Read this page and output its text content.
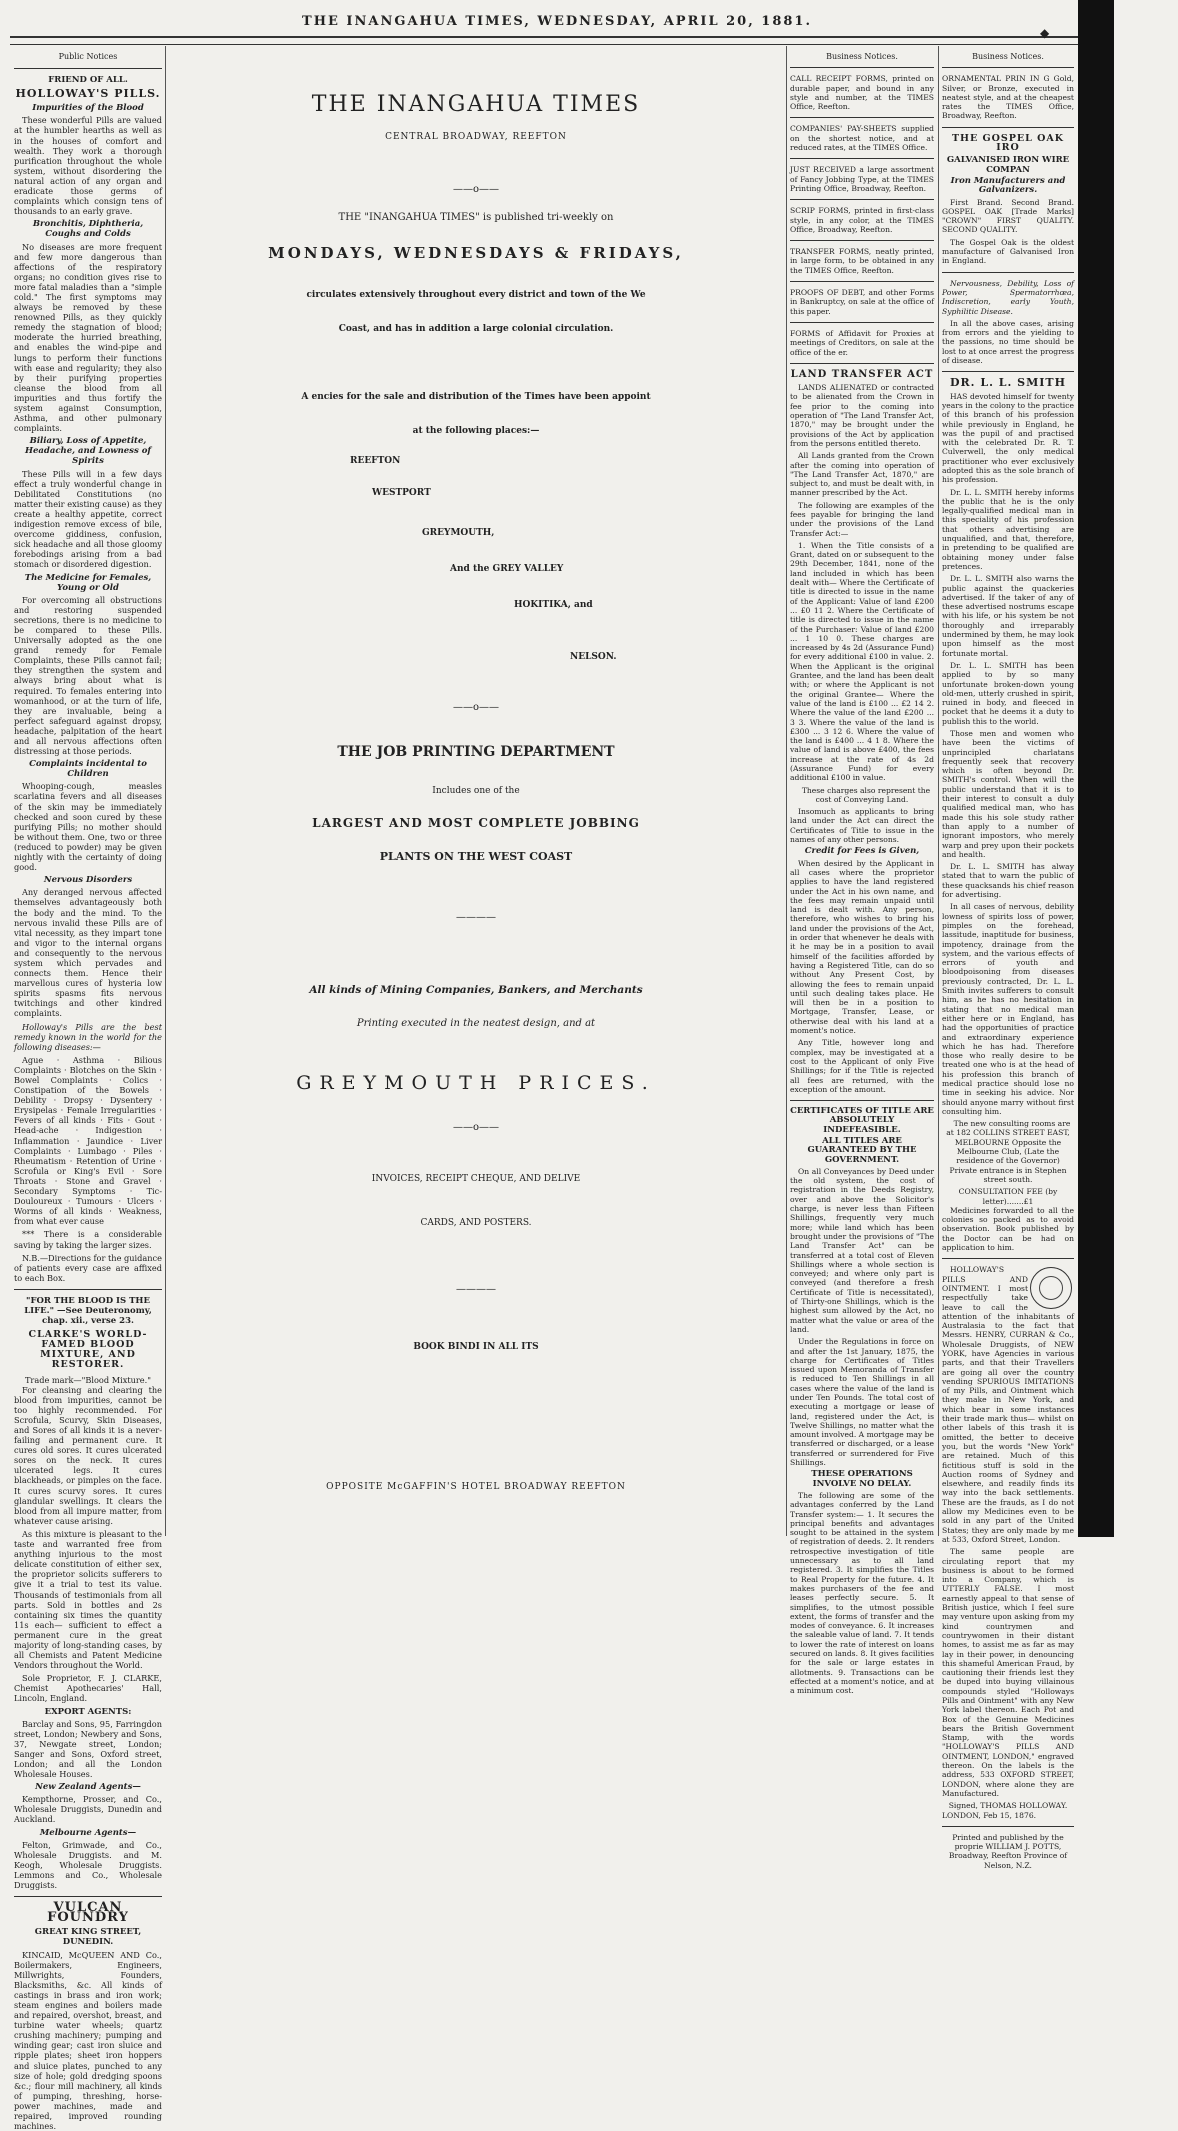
THE INANGAHUA TIMES, WEDNESDAY, APRIL 20, 1881.
◆
Public Notices
FRIEND OF ALL.
HOLLOWAY'S PILLS.
Impurities of the Blood

These wonderful Pills are valued at the humbler hearths as well as in the houses of comfort and wealth. They work a thorough purification throughout the whole system, without disordering the natural action of any organ and eradicate those germs of complaints which consign tens of thousands to an early grave.

Bronchitis, Diphtheria, Coughs and Colds

No diseases are more frequent and few more dangerous than affections of the respiratory organs; no condition gives rise to more fatal maladies than a "simple cold." The first symptoms may always be removed by these renowned Pills, as they quickly remedy the stagnation of blood; moderate the hurried breathing, and enables the wind-pipe and lungs to perform their functions with ease and regularity; they also by their purifying properties cleanse the blood from all impurities and thus fortify the system against Consumption, Asthma, and other pulmonary complaints.

Biliary, Loss of Appetite, Headache, and Lowness of Spirits

These Pills will in a few days effect a truly wonderful change in Debilitated Constitutions (no matter their existing cause) as they create a healthy appetite, correct indigestion remove excess of bile, overcome giddiness, confusion, sick headache and all those gloomy forebodings arising from a bad stomach or disordered digestion.

The Medicine for Females, Young or Old

For overcoming all obstructions and restoring suspended secretions, there is no medicine to be compared to these Pills. Universally adopted as the one grand remedy for Female Complaints, these Pills cannot fail; they strengthen the system and always bring about what is required. To females entering into womanhood, or at the turn of life, they are invaluable, being a perfect safeguard against dropsy, headache, palpitation of the heart and all nervous affections often distressing at those periods.

Complaints incidental to Children

Whooping-cough, measles scarlatina fevers and all diseases of the skin may be immediately checked and soon cured by these purifying Pills; no mother should be without them. One, two or three (reduced to powder) may be given nightly with the certainty of doing good.

Nervous Disorders

Any deranged nervous affected themselves advantageously both the body and the mind. To the nervous invalid these Pills are of vital necessity, as they impart tone and vigor to the internal organs and consequently to the nervous system which pervades and connects them. Hence their marvellous cures of hysteria low spirits spasms fits nervous twitchings and other kindred complaints.

Holloway's Pills are the best remedy known in the world for the following diseases:—

Ague · Asthma · Bilious Complaints · Blotches on the Skin · Bowel Complaints · Colics · Constipation of the Bowels · Debility · Dropsy · Dysentery · Erysipelas · Female Irregularities · Fevers of all kinds · Fits · Gout · Head-ache · Indigestion · Inflammation · Jaundice · Liver Complaints · Lumbago · Piles · Rheumatism · Retention of Urine · Scrofula or King's Evil · Sore Throats · Stone and Gravel · Secondary Symptoms · Tic-Douloureux · Tumours · Ulcers · Worms of all kinds · Weakness, from what ever cause

*** There is a considerable saving by taking the larger sizes.

N.B.—Directions for the guidance of patients every case are affixed to each Box.

"FOR THE BLOOD IS THE LIFE." —See Deuteronomy, chap. xii., verse 23.
CLARKE'S WORLD-FAMED BLOOD MIXTURE, AND RESTORER.
Trade mark—"Blood Mixture."

For cleansing and clearing the blood from impurities, cannot be too highly recommended. For Scrofula, Scurvy, Skin Diseases, and Sores of all kinds it is a never-failing and permanent cure. It cures old sores. It cures ulcerated sores on the neck. It cures ulcerated legs. It cures blackheads, or pimples on the face. It cures scurvy sores. It cures glandular swellings. It clears the blood from all impure matter, from whatever cause arising.

As this mixture is pleasant to the taste and warranted free from anything injurious to the most delicate constitution of either sex, the proprietor solicits sufferers to give it a trial to test its value. Thousands of testimonials from all parts. Sold in bottles and 2s containing six times the quantity 11s each— sufficient to effect a permanent cure in the great majority of long-standing cases, by all Chemists and Patent Medicine Vendors throughout the World.

Sole Proprietor, F. J. CLARKE, Chemist Apothecaries' Hall, Lincoln, England.

EXPORT AGENTS:

Barclay and Sons, 95, Farringdon street, London; Newbery and Sons, 37, Newgate street, London; Sanger and Sons, Oxford street, London; and all the London Wholesale Houses.

New Zealand Agents—

Kempthorne, Prosser, and Co., Wholesale Druggists, Dunedin and Auckland.

Melbourne Agents—

Felton, Grimwade, and Co., Wholesale Druggists. and M. Keogh, Wholesale Druggists. Lemmons and Co., Wholesale Druggists.

VULCAN FOUNDRY
GREAT KING STREET, DUNEDIN.

KINCAID, McQUEEN AND Co., Boilermakers, Engineers, Millwrights, Founders, Blacksmiths, &c. All kinds of castings in brass and iron work; steam engines and boilers made and repaired, overshot, breast, and turbine water wheels; quartz crushing machinery; pumping and winding gear; cast iron sluice and ripple plates; sheet iron hoppers and sluice plates, punched to any size of hole; gold dredging spoons &c.; flour mill machinery, all kinds of pumping, threshing, horse-power machines, made and repaired, improved rounding machines.

THE INANGAHUA TIMES
CENTRAL BROADWAY, REEFTON
——o——
THE "INANGAHUA TIMES" is published tri-weekly on
MONDAYS, WEDNESDAYS & FRIDAYS,
circulates extensively throughout every district and town of the We
Coast, and has in addition a large colonial circulation.
A encies for the sale and distribution of the Times have been appoint
at the following places:—
REEFTON
WESTPORT
GREYMOUTH,
And the GREY VALLEY
HOKITIKA, and
NELSON.
——o——
THE JOB PRINTING DEPARTMENT
Includes one of the
LARGEST AND MOST COMPLETE JOBBING
PLANTS ON THE WEST COAST
————
All kinds of Mining Companies, Bankers, and Merchants
Printing executed in the neatest design, and at
GREYMOUTH PRICES.
——o——
INVOICES, RECEIPT CHEQUE, AND DELIVE
CARDS, AND POSTERS.
————
BOOK BINDI IN ALL ITS
OPPOSITE McGAFFIN'S HOTEL BROADWAY REEFTON
Business Notices.
CALL RECEIPT FORMS, printed on durable paper, and bound in any style and number, at the TIMES Office, Reefton.
COMPANIES' PAY-SHEETS supplied on the shortest notice, and at reduced rates, at the TIMES Office.
JUST RECEIVED a large assortment of Fancy Jobbing Type, at the TIMES Printing Office, Broadway, Reefton.
SCRIP FORMS, printed in first-class style, in any color, at the TIMES Office, Broadway, Reefton.
TRANSFER FORMS, neatly printed, in large form, to be obtained in any the TIMES Office, Reefton.
PROOFS OF DEBT, and other Forms in Bankruptcy, on sale at the office of this paper.
FORMS of Affidavit for Proxies at meetings of Creditors, on sale at the office of the er.
LAND TRANSFER ACT

LANDS ALIENATED or contracted to be alienated from the Crown in fee prior to the coming into operation of "The Land Transfer Act, 1870," may be brought under the provisions of the Act by application from the persons entitled thereto.

All Lands granted from the Crown after the coming into operation of "The Land Transfer Act, 1870," are subject to, and must be dealt with, in manner prescribed by the Act.

The following are examples of the fees payable for bringing the land under the provisions of the Land Transfer Act:—

1. When the Title consists of a Grant, dated on or subsequent to the 29th December, 1841, none of the land included in which has been dealt with— Where the Certificate of title is directed to issue in the name of the Applicant: Value of land £200 ... £0 11 2. Where the Certificate of title is directed to issue in the name of the Purchaser: Value of land £200 ... 1 10 0. These charges are increased by 4s 2d (Assurance Fund) for every additional £100 in value. 2. When the Applicant is the original Grantee, and the land has been dealt with; or where the Applicant is not the original Grantee— Where the value of the land is £100 ... £2 14 2. Where the value of the land £200 ... 3 3. Where the value of the land is £300 ... 3 12 6. Where the value of the land is £400 ... 4 1 8. Where the value of land is above £400, the fees increase at the rate of 4s 2d (Assurance Fund) for every additional £100 in value.

These charges also represent the cost of Conveying Land.

Insomuch as applicants to bring land under the Act can direct the Certificates of Title to issue in the names of any other persons.

Credit for Fees is Given,

When desired by the Applicant in all cases where the proprietor applies to have the land registered under the Act in his own name, and the fees may remain unpaid until land is dealt with. Any person, therefore, who wishes to bring his land under the provisions of the Act, in order that whenever he deals with it he may be in a position to avail himself of the facilities afforded by having a Registered Title, can do so without Any Present Cost, by allowing the fees to remain unpaid until such dealing takes place. He will then be in a position to Mortgage, Transfer, Lease, or otherwise deal with his land at a moment's notice.

Any Title, however long and complex, may be investigated at a cost to the Applicant of only Five Shillings; for if the Title is rejected all fees are returned, with the exception of the amount.

CERTIFICATES OF TITLE ARE ABSOLUTELY INDEFEASIBLE.
ALL TITLES ARE GUARANTEED BY THE GOVERNMENT.

On all Conveyances by Deed under the old system, the cost of registration in the Deeds Registry, over and above the Solicitor's charge, is never less than Fifteen Shillings, frequently very much more; while land which has been brought under the provisions of "The Land Transfer Act" can be transferred at a total cost of Eleven Shillings where a whole section is conveyed; and where only part is conveyed (and therefore a fresh Certificate of Title is necessitated), of Thirty-one Shillings, which is the highest sum allowed by the Act, no matter what the value or area of the land.

Under the Regulations in force on and after the 1st January, 1875, the charge for Certificates of Titles issued upon Memoranda of Transfer is reduced to Ten Shillings in all cases where the value of the land is under Ten Pounds. The total cost of executing a mortgage or lease of land, registered under the Act, is Twelve Shillings, no matter what the amount involved. A mortgage may be transferred or discharged, or a lease transferred or surrendered for Five Shillings.

THESE OPERATIONS INVOLVE NO DELAY.

The following are some of the advantages conferred by the Land Transfer system:— 1. It secures the principal benefits and advantages sought to be attained in the system of registration of deeds. 2. It renders retrospective investigation of title unnecessary as to all land registered. 3. It simplifies the Titles to Real Property for the future. 4. It makes purchasers of the fee and leases perfectly secure. 5. It simplifies, to the utmost possible extent, the forms of transfer and the modes of conveyance. 6. It increases the saleable value of land. 7. It tends to lower the rate of interest on loans secured on lands. 8. It gives facilities for the sale or large estates in allotments. 9. Transactions can be effected at a moment's notice, and at a minimum cost.

Business Notices.
ORNAMENTAL PRIN IN G Gold, Silver, or Bronze, executed in neatest style, and at the cheapest rates the TIMES Office, Broadway, Reefton.
THE GOSPEL OAK IRO
GALVANISED IRON WIRE COMPAN
Iron Manufacturers and Galvanizers.

First Brand. Second Brand. GOSPEL OAK [Trade Marks] "CROWN" FIRST QUALITY. SECOND QUALITY.

The Gospel Oak is the oldest manufacture of Galvanised Iron in England.

Nervousness, Debility, Loss of Power, Spermatorrhœa, Indiscretion, early Youth, Syphilitic Disease.

In all the above cases, arising from errors and the yielding to the passions, no time should be lost to at once arrest the progress of disease.

DR. L. L. SMITH

HAS devoted himself for twenty years in the colony to the practice of this branch of his profession while previously in England, he was the pupil of and practised with the celebrated Dr. R. T. Culverwell, the only medical practitioner who ever exclusively adopted this as the sole branch of his profession.

Dr. L. L. SMITH hereby informs the public that he is the only legally-qualified medical man in this speciality of his profession that others advertising are unqualified, and that, therefore, in pretending to be qualified are obtaining money under false pretences.

Dr. L. L. SMITH also warns the public against the quackeries advertised. If the taker of any of these advertised nostrums escape with his life, or his system be not thoroughly and irreparably undermined by them, he may look upon himself as the most fortunate mortal.

Dr. L. L. SMITH has been applied to by so many unfortunate broken-down young old-men, utterly crushed in spirit, ruined in body, and fleeced in pocket that he deems it a duty to publish this to the world.

Those men and women who have been the victims of unprincipled charlatans frequently seek that recovery which is often beyond Dr. SMITH's control. When will the public understand that it is to their interest to consult a duly qualified medical man, who has made this his sole study rather than apply to a number of ignorant impostors, who merely warp and prey upon their pockets and health.

Dr. L. L. SMITH has alway stated that to warn the public of these quacksands his chief reason for advertising.

In all cases of nervous, debility lowness of spirits loss of power, pimples on the forehead, lassitude, inaptitude for business, impotency, drainage from the system, and the various effects of errors of youth and bloodpoisoning from diseases previously contracted, Dr. L. L. Smith invites sufferers to consult him, as he has no hesitation in stating that no medical man either here or in England, has had the opportunities of practice and extraordinary experience which he has had. Therefore those who really desire to be treated one who is at the head of his profession this branch of medical practice should lose no time in seeking his advice. Nor should anyone marry without first consulting him.

The new consulting rooms are at 182 COLLINS STREET EAST, MELBOURNE Opposite the Melbourne Club, (Late the residence of the Governor) Private entrance is in Stephen street south.

CONSULTATION FEE (by letter).......£1

Medicines forwarded to all the colonies so packed as to avoid observation. Book published by the Doctor can be had on application to him.

HOLLOWAY'S PILLS AND OINTMENT. I most respectfully take leave to call the attention of the inhabitants of Australasia to the fact that Messrs. HENRY, CURRAN & Co., Wholesale Druggists, of NEW YORK, have Agencies in various parts, and that their Travellers are going all over the country vending SPURIOUS IMITATIONS of my Pills, and Ointment which they make in New York, and which bear in some instances their trade mark thus— whilst on other labels of this trash it is omitted, the better to deceive you, but the words "New York" are retained. Much of this fictitious stuff is sold in the Auction rooms of Sydney and elsewhere, and readily finds its way into the back settlements. These are the frauds, as I do not allow my Medicines even to be sold in any part of the United States; they are only made by me at 533, Oxford Street, London.

The same people are circulating report that my business is about to be formed into a Company, which is UTTERLY FALSE. I most earnestly appeal to that sense of British justice, which I feel sure may venture upon asking from my kind countrymen and countrywomen in their distant homes, to assist me as far as may lay in their power, in denouncing this shameful American Fraud, by cautioning their friends lest they be duped into buying villainous compounds styled "Holloways Pills and Ointment" with any New York label thereon. Each Pot and Box of the Genuine Medicines bears the British Government Stamp, with the words "HOLLOWAY'S PILLS AND OINTMENT, LONDON," engraved thereon. On the labels is the address, 533 OXFORD STREET, LONDON, where alone they are Manufactured.

Signed, THOMAS HOLLOWAY.
LONDON, Feb 15, 1876.
Printed and published by the proprie WILLIAM J. POTTS, Broadway, Reefton Province of Nelson, N.Z.
